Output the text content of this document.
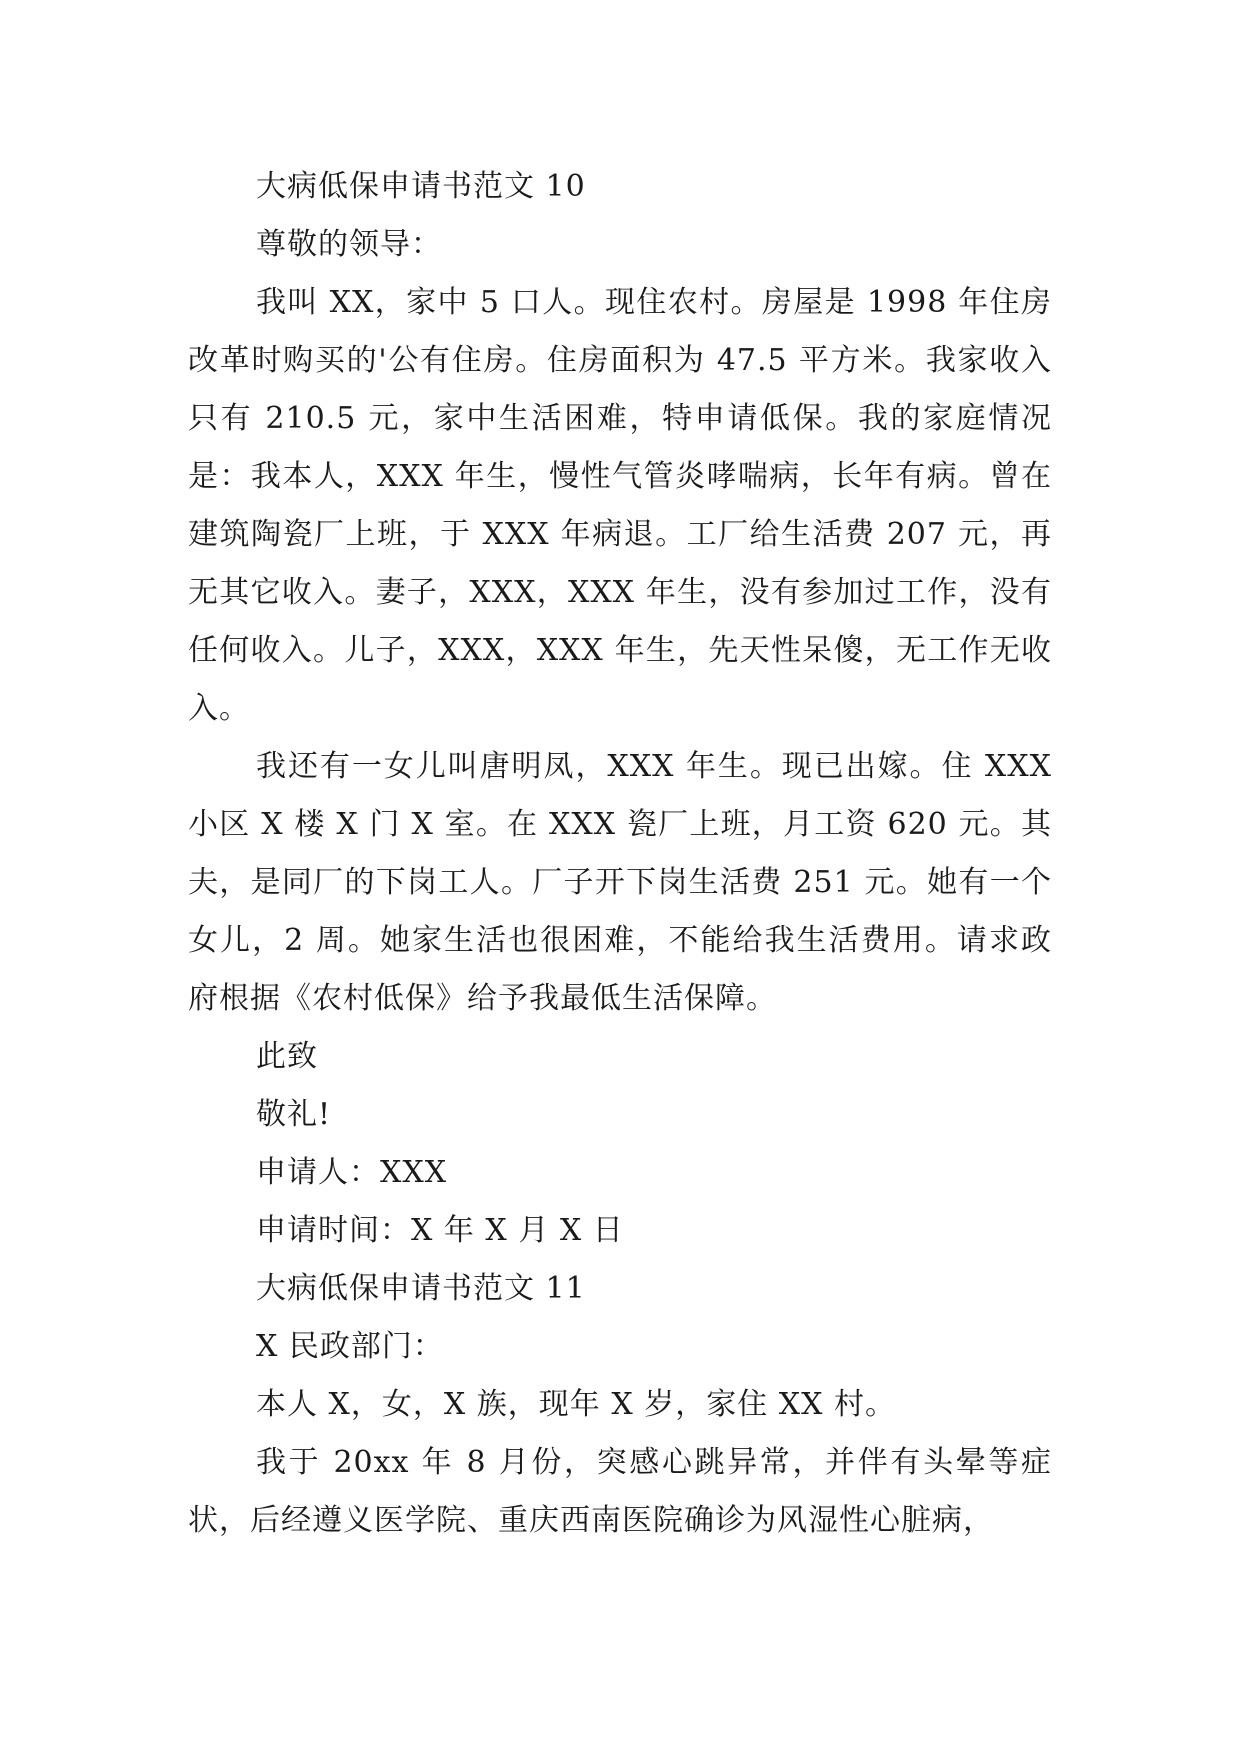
大病低保申请书范文 10

尊敬的领导：

我叫 XX，家中 5 口人。现住农村。房屋是 1998 年住房改革时购买的'公有住房。住房面积为 47.5 平方米。我家收入只有 210.5 元，家中生活困难，特申请低保。我的家庭情况是：我本人，XXX 年生，慢性气管炎哮喘病，长年有病。曾在建筑陶瓷厂上班，于 XXX 年病退。工厂给生活费 207 元，再无其它收入。妻子，XXX，XXX 年生，没有参加过工作，没有任何收入。儿子，XXX，XXX 年生，先天性呆傻，无工作无收入。

我还有一女儿叫唐明凤，XXX 年生。现已出嫁。住 XXX 小区 X 楼 X 门 X 室。在 XXX 瓷厂上班，月工资 620 元。其夫，是同厂的下岗工人。厂子开下岗生活费 251 元。她有一个女儿，2 周。她家生活也很困难，不能给我生活费用。请求政府根据《农村低保》给予我最低生活保障。

此致

敬礼!

申请人：XXX

申请时间：X 年 X 月 X 日

大病低保申请书范文 11

X 民政部门：

本人 X，女，X 族，现年 X 岁，家住 XX 村。

我于 20xx 年 8 月份，突感心跳异常，并伴有头晕等症状，后经遵义医学院、重庆西南医院确诊为风湿性心脏病，
